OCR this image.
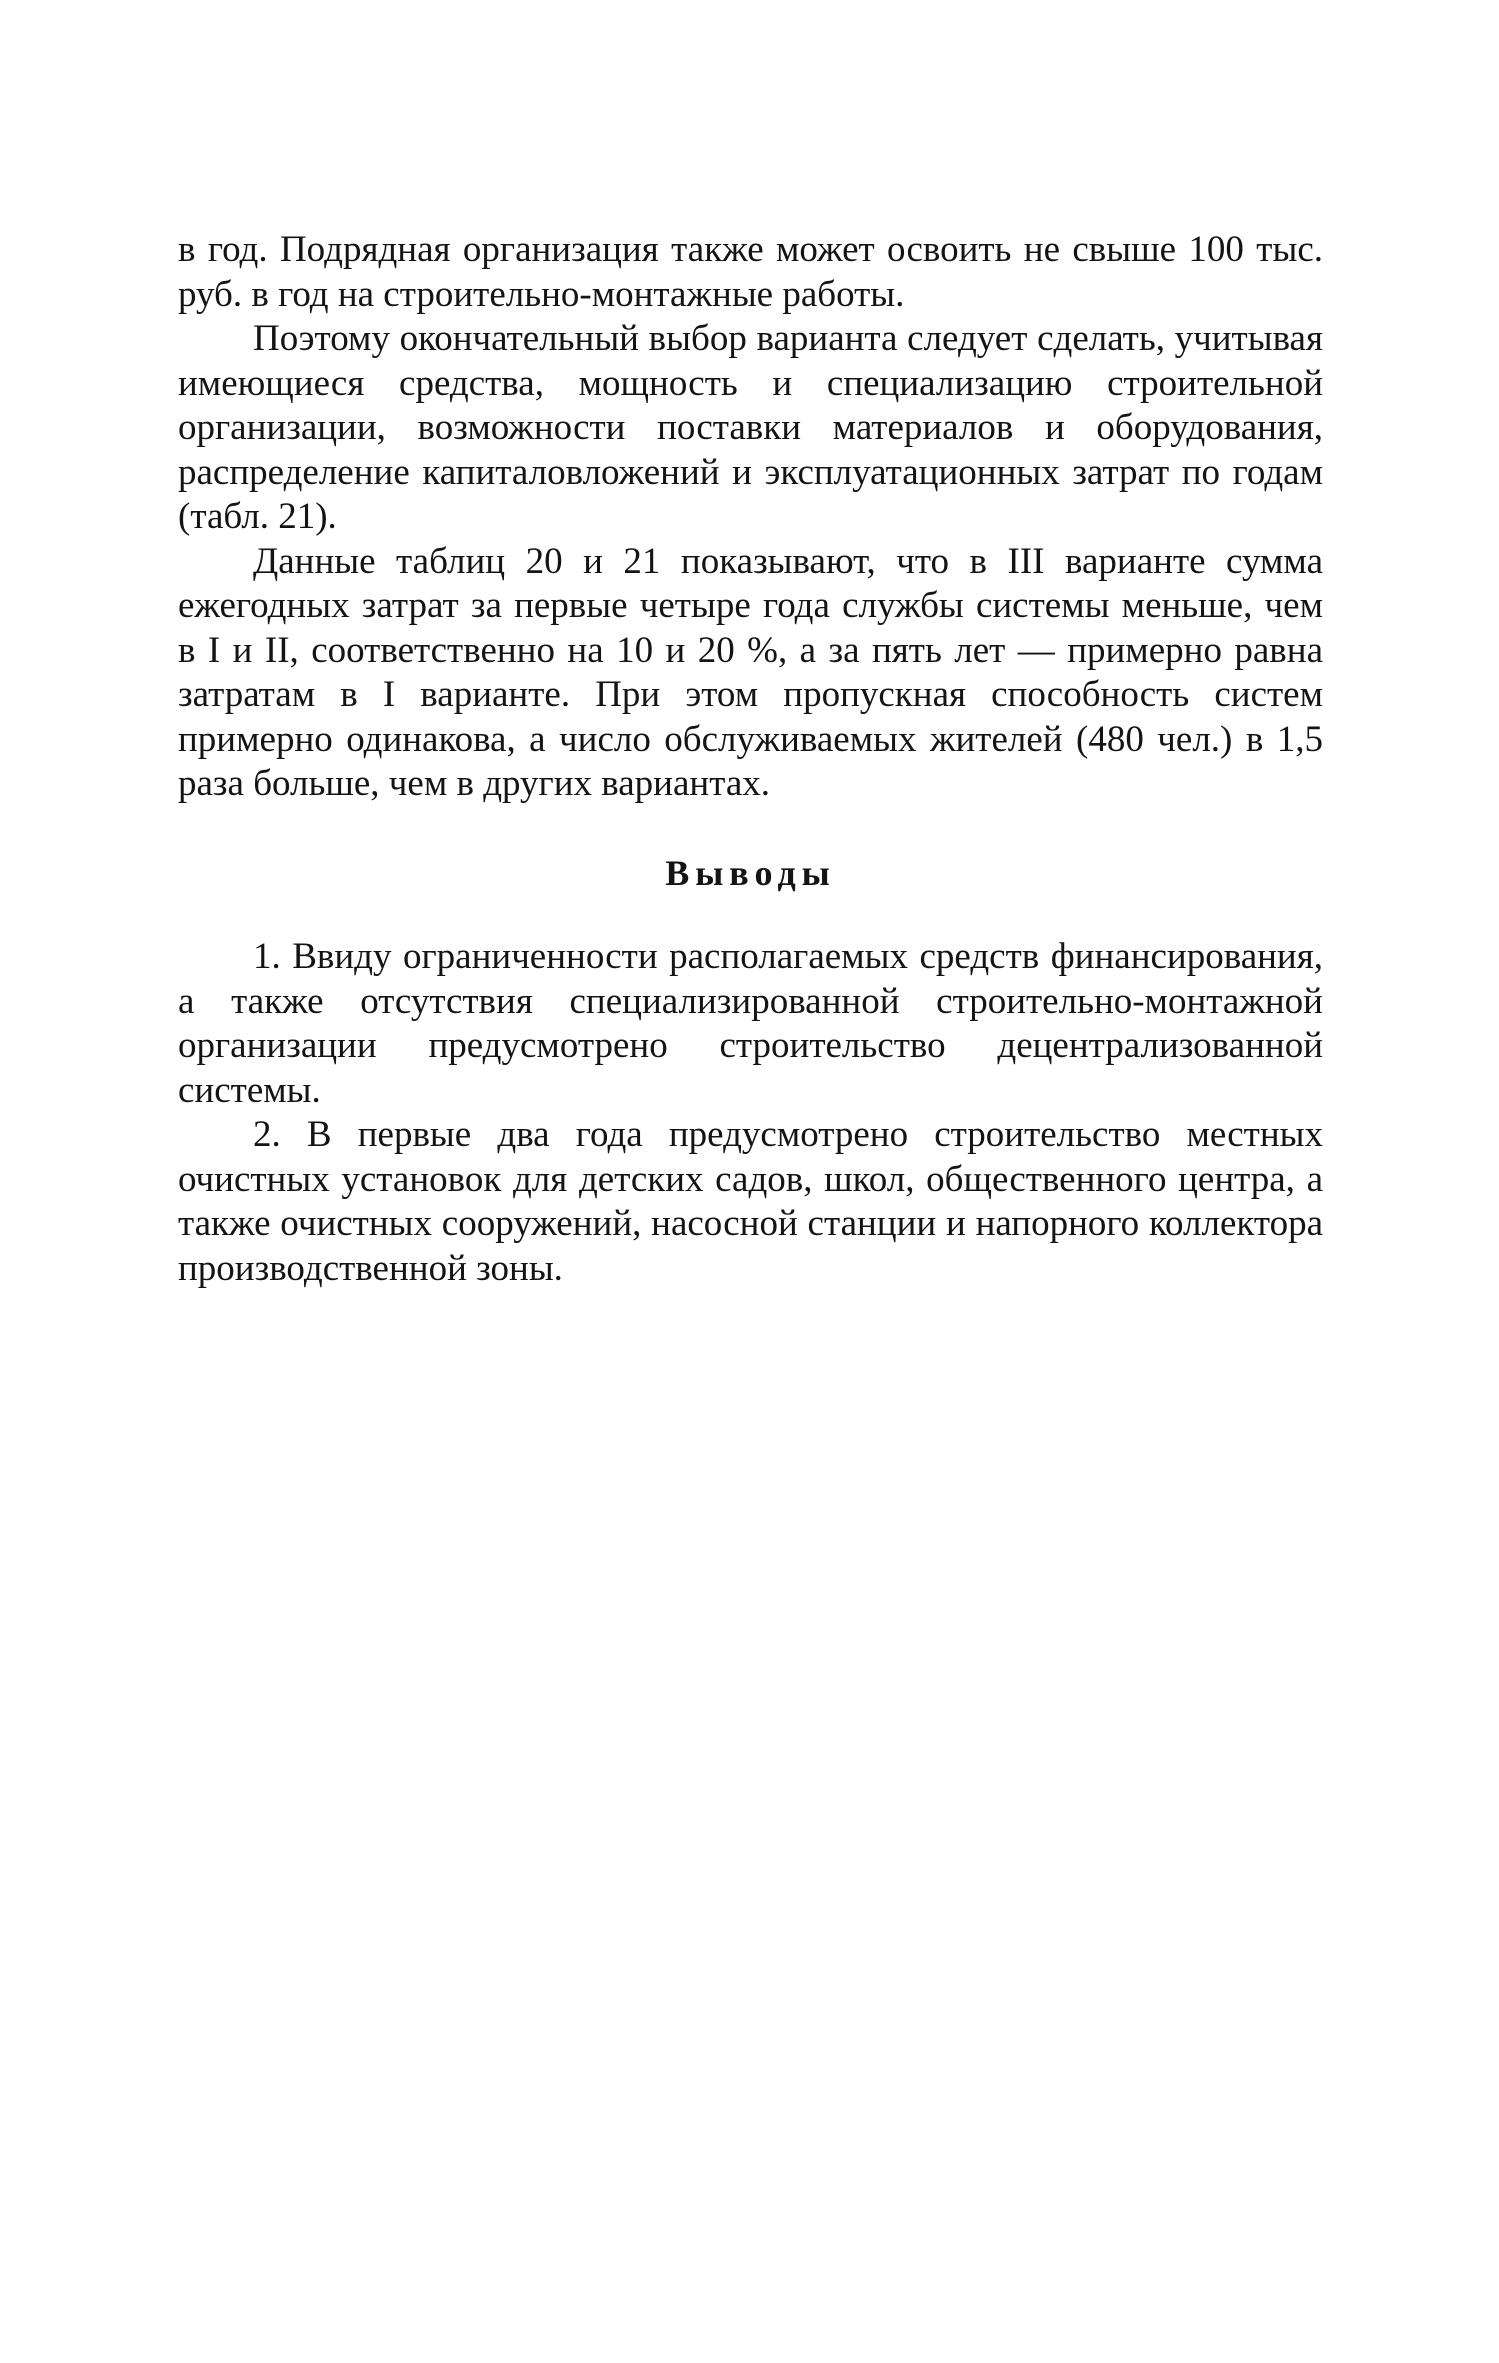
в год. Подрядная организация также может освоить не свыше 100 тыс. руб. в год на строительно-монтажные работы.

Поэтому окончательный выбор варианта следует сделать, учитывая имеющиеся средства, мощность и специализацию строительной организации, возможности поставки материалов и оборудования, распределение капиталовложений и эксплуатационных затрат по годам (табл. 21).

Данные таблиц 20 и 21 показывают, что в III варианте сумма ежегодных затрат за первые четыре года службы системы меньше, чем в I и II, соответственно на 10 и 20 %, а за пять лет — примерно равна затратам в I варианте. При этом пропускная способность систем примерно одинакова, а число обслуживаемых жителей (480 чел.) в 1,5 раза больше, чем в других вариантах.

Выводы

1. Ввиду ограниченности располагаемых средств финансирования, а также отсутствия специализированной строительно-монтажной организации предусмотрено строительство децентрализованной системы.

2. В первые два года предусмотрено строительство местных очистных установок для детских садов, школ, общественного центра, а также очистных сооружений, насосной станции и напорного коллектора производственной зоны.
